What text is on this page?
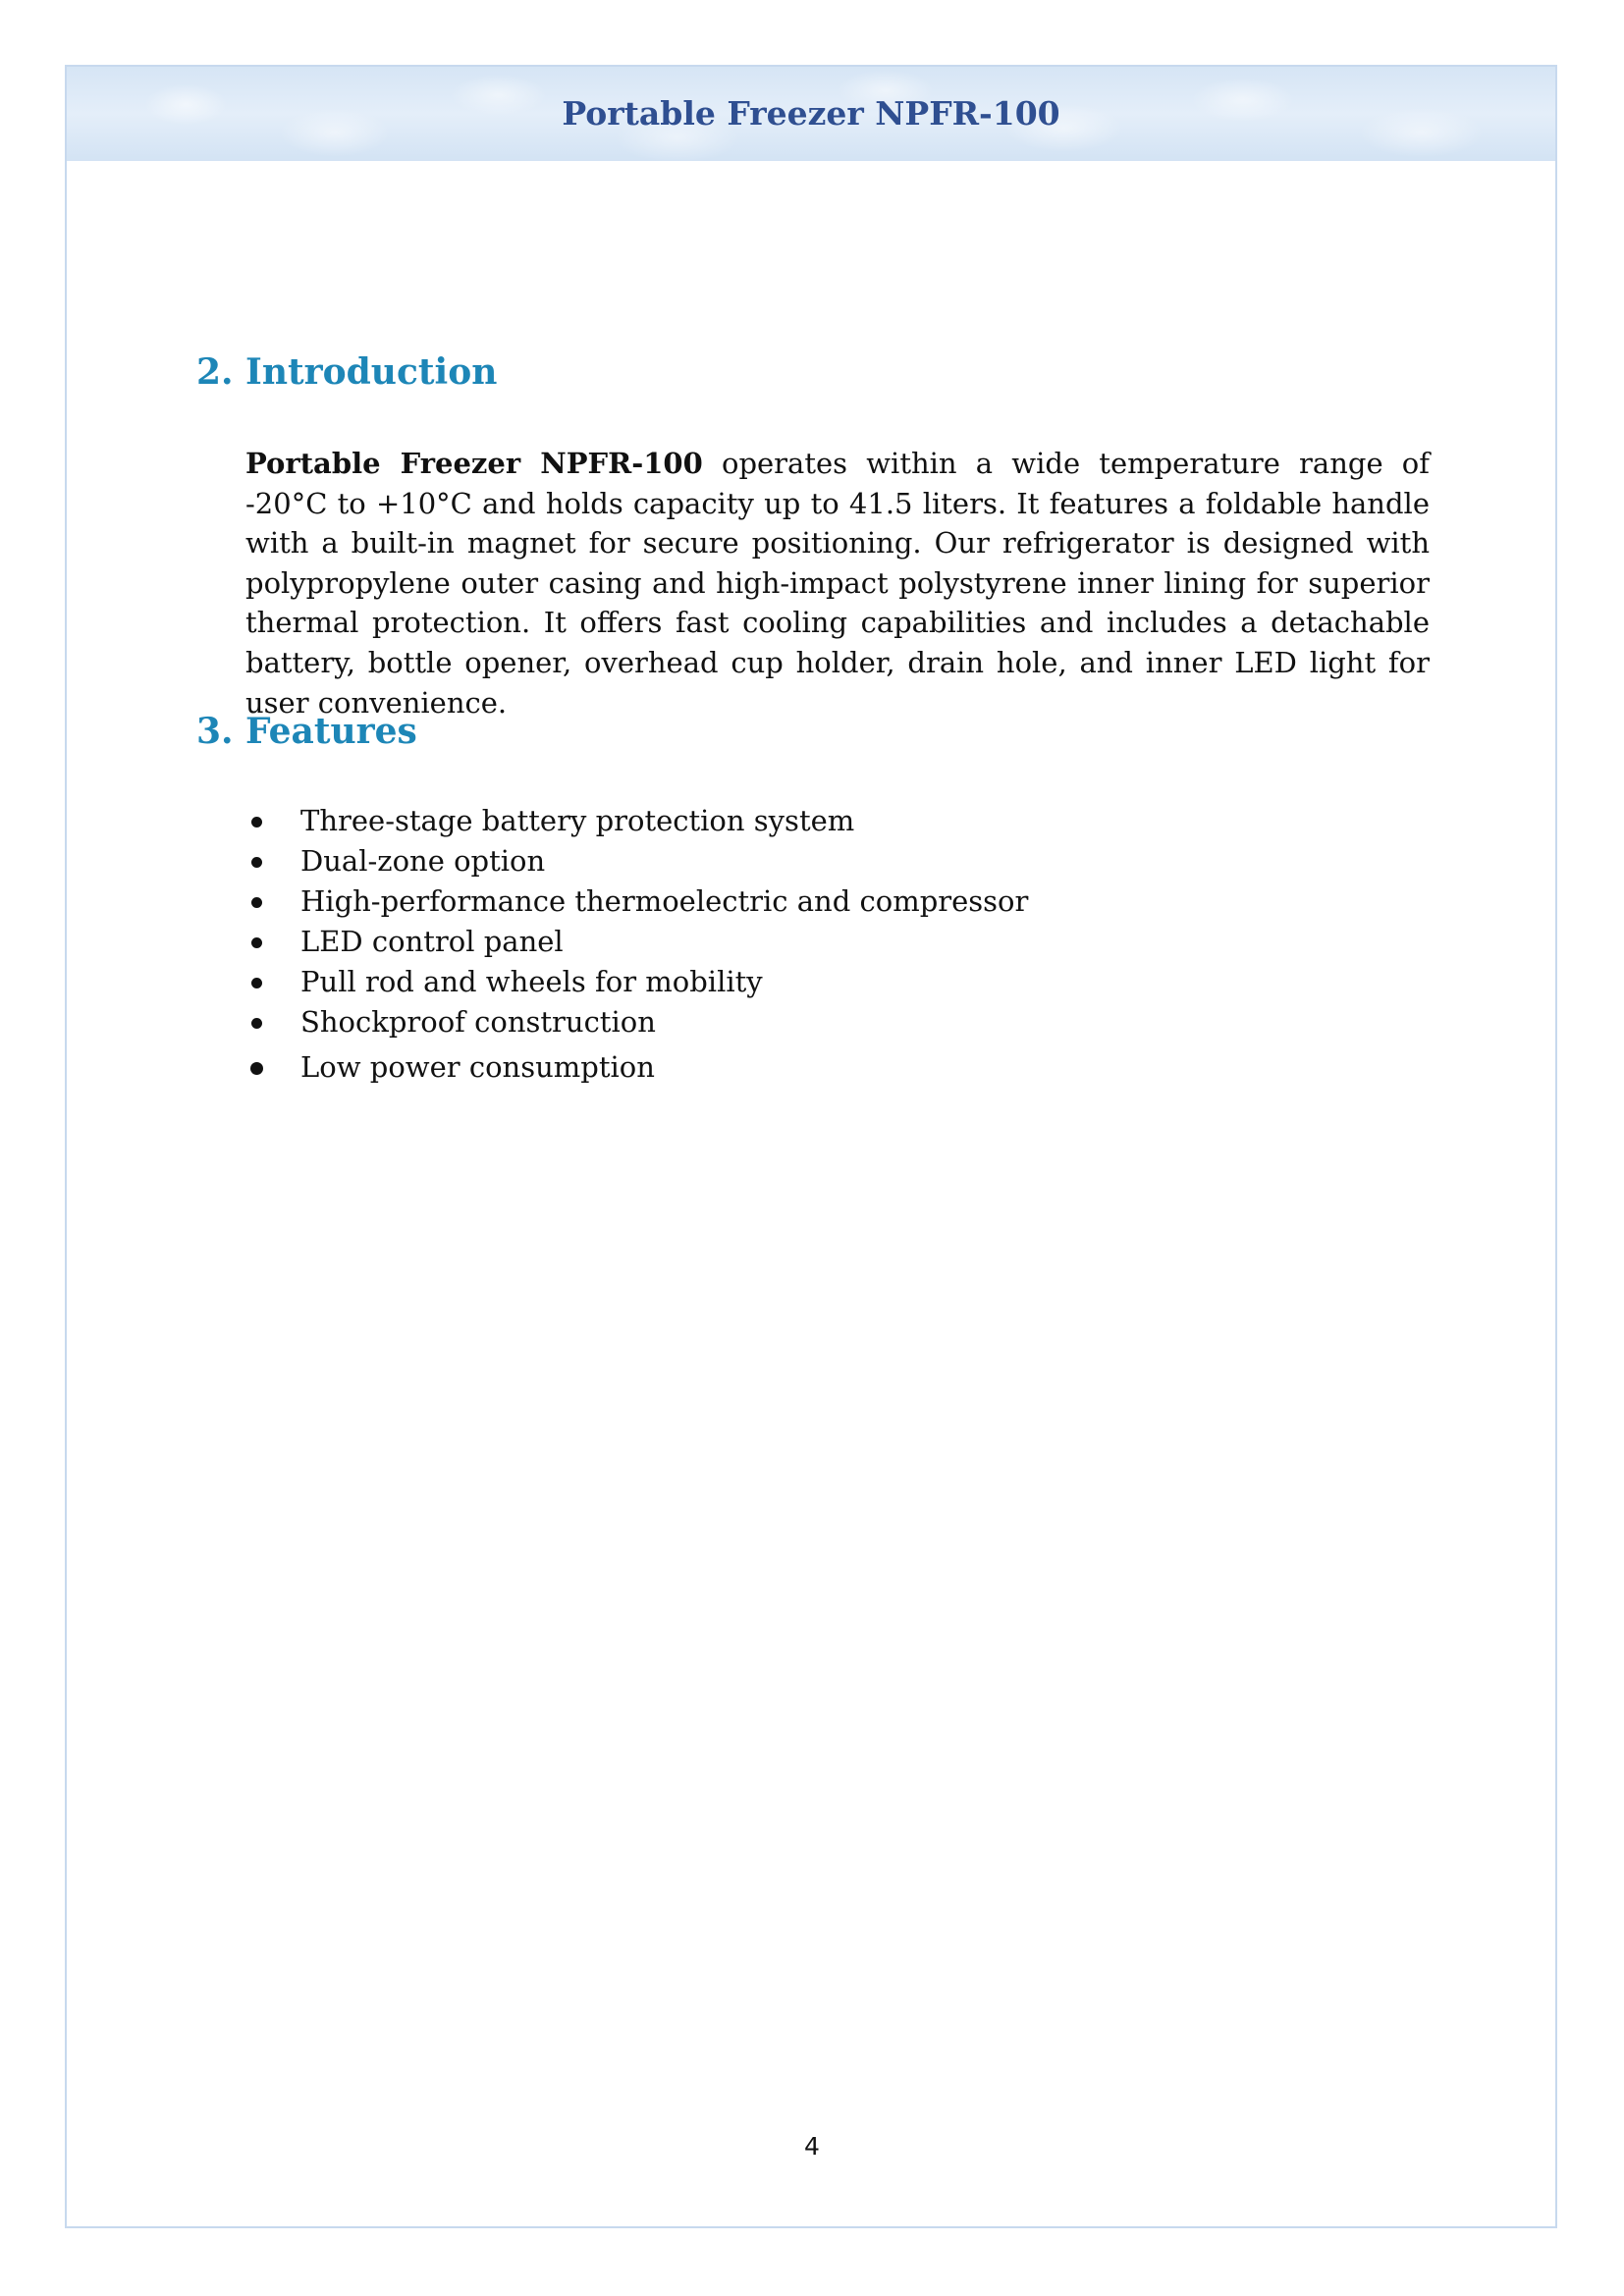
Portable Freezer NPFR-100
2. Introduction

Portable Freezer NPFR-100 operates within a wide temperature range of -20°C to +10°C and holds capacity up to 41.5 liters. It features a foldable handle with a built-in magnet for secure positioning. Our refrigerator is designed with polypropylene outer casing and high-impact polystyrene inner lining for superior thermal protection. It offers fast cooling capabilities and includes a detachable battery, bottle opener, overhead cup holder, drain hole, and inner LED light for user convenience.

3. Features
Three-stage battery protection system
Dual-zone option
High-performance thermoelectric and compressor
LED control panel
Pull rod and wheels for mobility
Shockproof construction
Low power consumption
4
